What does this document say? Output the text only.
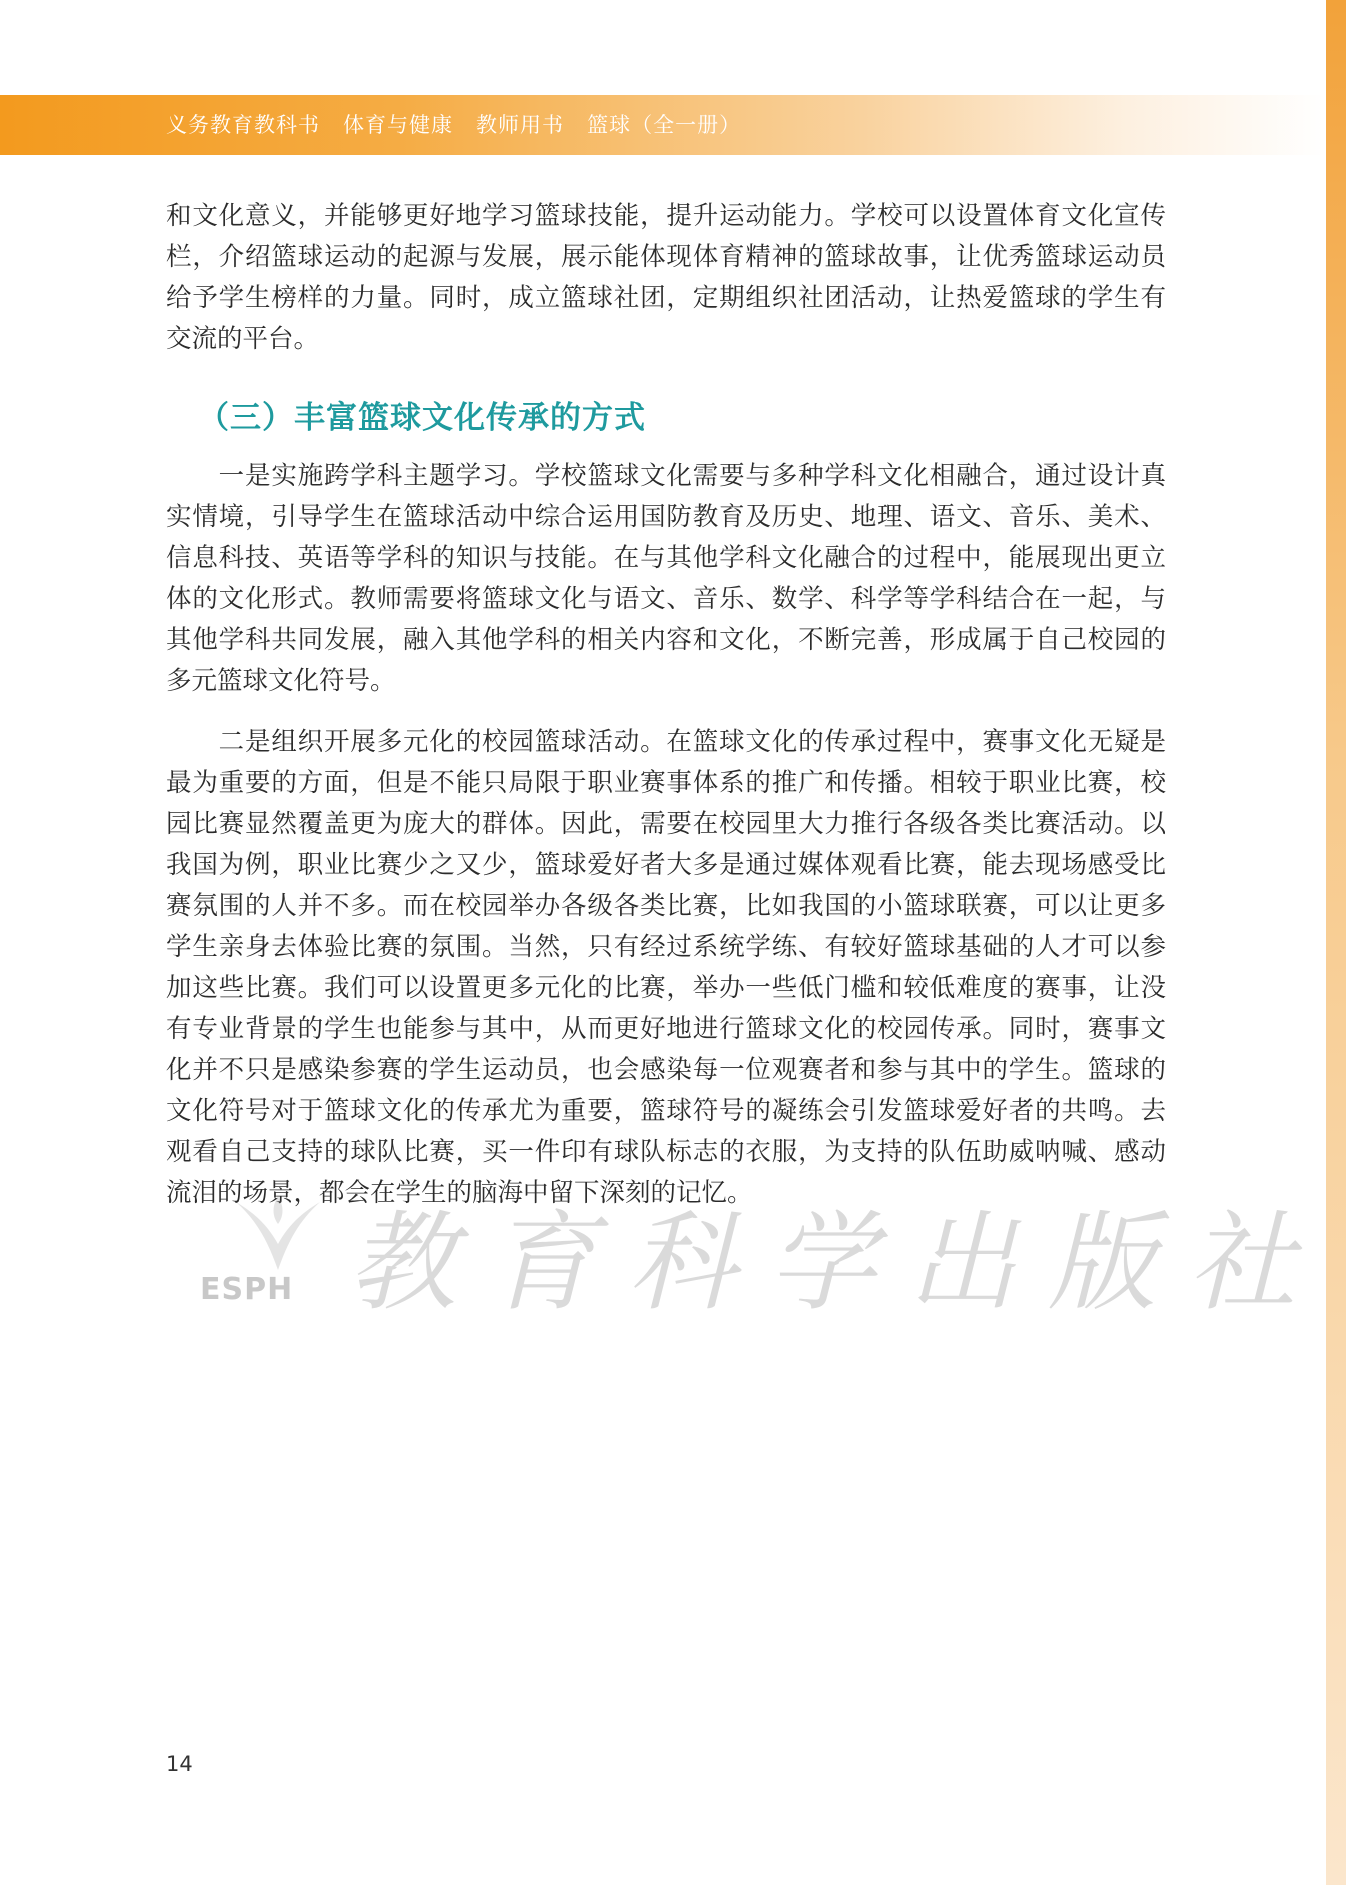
义务教育教科书   体育与健康   教师用书   篮球（全一册）
和文化意义，并能够更好地学习篮球技能，提升运动能力。学校可以设置体育文化宣传
栏，介绍篮球运动的起源与发展，展示能体现体育精神的篮球故事，让优秀篮球运动员
给予学生榜样的力量。同时，成立篮球社团，定期组织社团活动，让热爱篮球的学生有
交流的平台。
（三）丰富篮球文化传承的方式
　　一是实施跨学科主题学习。学校篮球文化需要与多种学科文化相融合，通过设计真
实情境，引导学生在篮球活动中综合运用国防教育及历史、地理、语文、音乐、美术、
信息科技、英语等学科的知识与技能。在与其他学科文化融合的过程中，能展现出更立
体的文化形式。教师需要将篮球文化与语文、音乐、数学、科学等学科结合在一起，与
其他学科共同发展，融入其他学科的相关内容和文化，不断完善，形成属于自己校园的
多元篮球文化符号。
　　二是组织开展多元化的校园篮球活动。在篮球文化的传承过程中，赛事文化无疑是
最为重要的方面，但是不能只局限于职业赛事体系的推广和传播。相较于职业比赛，校
园比赛显然覆盖更为庞大的群体。因此，需要在校园里大力推行各级各类比赛活动。以
我国为例，职业比赛少之又少，篮球爱好者大多是通过媒体观看比赛，能去现场感受比
赛氛围的人并不多。而在校园举办各级各类比赛，比如我国的小篮球联赛，可以让更多
学生亲身去体验比赛的氛围。当然，只有经过系统学练、有较好篮球基础的人才可以参
加这些比赛。我们可以设置更多元化的比赛，举办一些低门槛和较低难度的赛事，让没
有专业背景的学生也能参与其中，从而更好地进行篮球文化的校园传承。同时，赛事文
化并不只是感染参赛的学生运动员，也会感染每一位观赛者和参与其中的学生。篮球的
文化符号对于篮球文化的传承尤为重要，篮球符号的凝练会引发篮球爱好者的共鸣。去
观看自己支持的球队比赛，买一件印有球队标志的衣服，为支持的队伍助威呐喊、感动
流泪的场景，都会在学生的脑海中留下深刻的记忆。
ESPH 教育科学出版社
14
